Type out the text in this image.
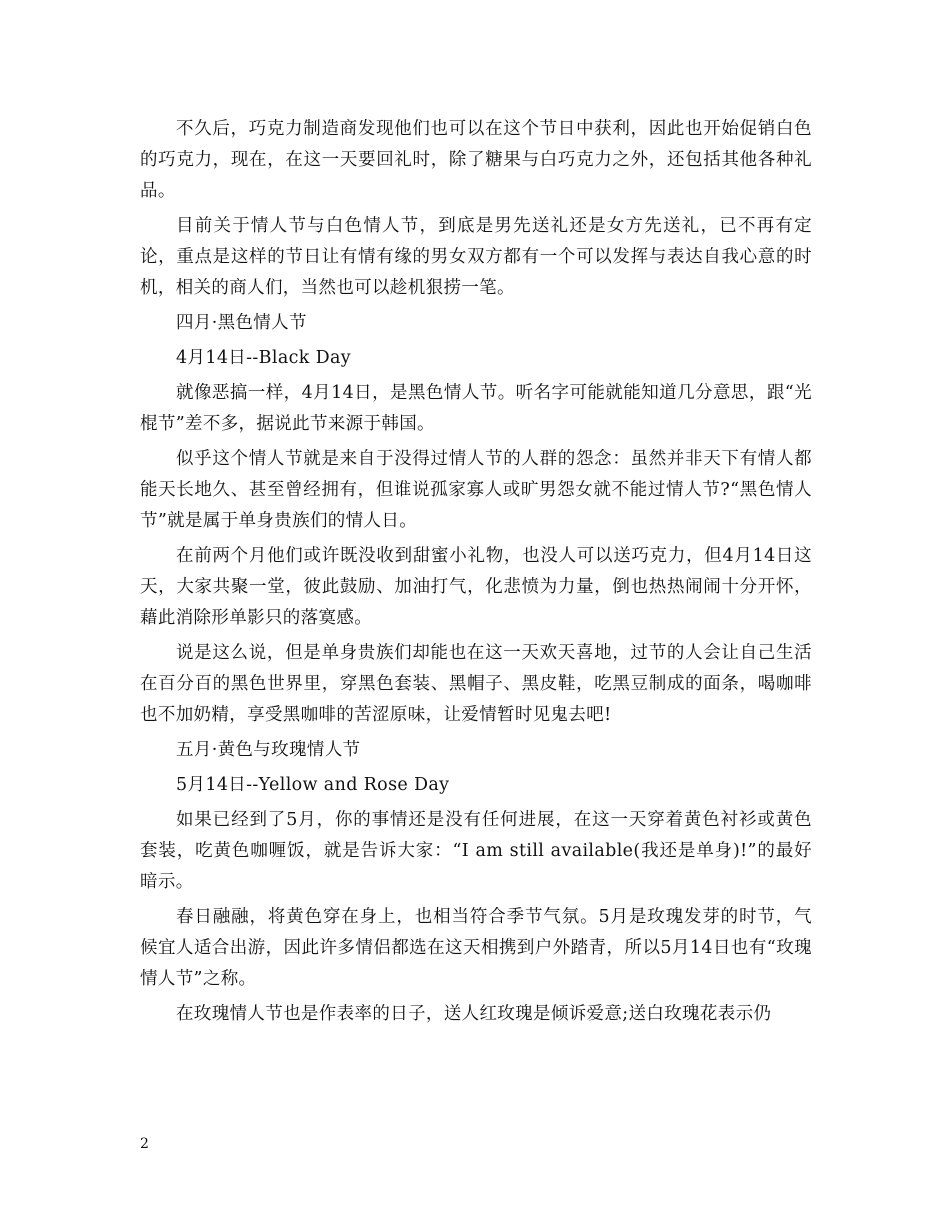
不久后，巧克力制造商发现他们也可以在这个节日中获利，因此也开始促销白色的巧克力，现在，在这一天要回礼时，除了糖果与白巧克力之外，还包括其他各种礼品。

目前关于情人节与白色情人节，到底是男先送礼还是女方先送礼，已不再有定论，重点是这样的节日让有情有缘的男女双方都有一个可以发挥与表达自我心意的时机，相关的商人们，当然也可以趁机狠捞一笔。

四月·黑色情人节

4月14日--Black Day

就像恶搞一样，4月14日，是黑色情人节。听名字可能就能知道几分意思，跟“光棍节”差不多，据说此节来源于韩国。

似乎这个情人节就是来自于没得过情人节的人群的怨念：虽然并非天下有情人都能天长地久、甚至曾经拥有，但谁说孤家寡人或旷男怨女就不能过情人节?“黑色情人节”就是属于单身贵族们的情人日。

在前两个月他们或许既没收到甜蜜小礼物，也没人可以送巧克力，但4月14日这天，大家共聚一堂，彼此鼓励、加油打气，化悲愤为力量，倒也热热闹闹十分开怀，藉此消除形单影只的落寞感。

说是这么说，但是单身贵族们却能也在这一天欢天喜地，过节的人会让自己生活在百分百的黑色世界里，穿黑色套装、黑帽子、黑皮鞋，吃黑豆制成的面条，喝咖啡也不加奶精，享受黑咖啡的苦涩原味，让爱情暂时见鬼去吧!

五月·黄色与玫瑰情人节

5月14日--Yellow and Rose Day

如果已经到了5月，你的事情还是没有任何进展，在这一天穿着黄色衬衫或黄色套装，吃黄色咖喱饭，就是告诉大家：“I am still available(我还是单身)!”的最好暗示。

春日融融，将黄色穿在身上，也相当符合季节气氛。5月是玫瑰发芽的时节，气候宜人适合出游，因此许多情侣都选在这天相携到户外踏青，所以5月14日也有“玫瑰情人节”之称。

在玫瑰情人节也是作表率的日子，送人红玫瑰是倾诉爱意;送白玫瑰花表示仍

2
